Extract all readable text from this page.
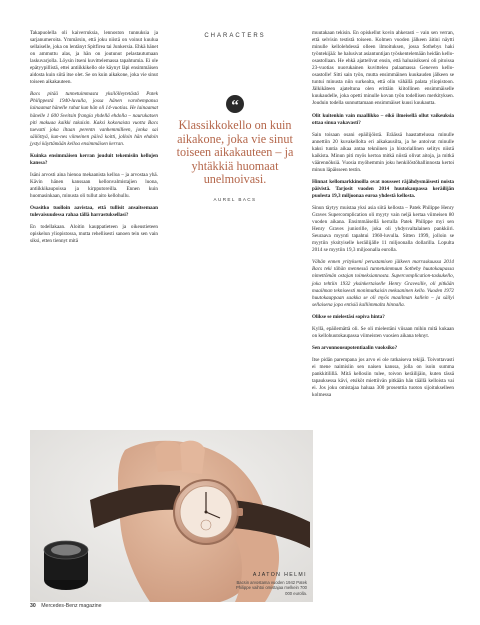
Takapuolella oli kaiverruksia, lennoston tunnuksia ja sarjanumeroita. Ymmärsin, että joku niistä on voinut kuulua sellaiselle, joka on lentänyt Spitfirea tai Junkersia. Ehkä hänet on ammuttu alas, ja hän on joutunut pelastautumaan laskuvarjolla. Löysin itseni kuvittelemassa tapahtumia. Ei ole epätyypillistä, ettei antiikkikello ole käynyt läpi ensimmäisen aidosta kuin siitä itse olet. Se on kuin aikakone, joka vie sinut toiseen aikakauteen.

Bacs pitää tunnetuimmasta yksilölleytetästä Patek Philippestä 1940-luvulla, jossa hänen varohempansa lainaamat hänelle rahat kun hän oli 14-vuotias. He lainaamat hänelle 1 600 Sveitsin frangia yhdellä ehdolla – naurukatsen piti makuaa kaikki takaisin. Kaksi kokonaista vuotta Bacs tuevatti joka iltaan perentn vanhemmilleen, jonka sai säilöttyä, kun-nes viimeinen päivä koitti, jolloin hän ehdoin jystyi käyttämään kelloa ensimmäisen kerran.

Kuinka ensimmäisen kerran jouduit tekemisiin kellojen kanssa?

Isäni arvosti aina hienoa mekaanista kelloa – ja arvostaa yhä. Kävin hänen kanssaan kellonvalmistajien luona, antiikkikaupoissa ja kirpputoreilla. Ennen kuin huomasinkaan, minusta oli tullut aito kellohullu.

Osasitko tuolloin aavistaa, että tullisit ansaitsemaan tulevaisuudessa rahaa tällä harrastuksellasi?

En todellakaan. Aloitin kauppatieteen ja oikeustieteen opiskelun yliopistossa, mutta rehellisesti sanoen tein sen vain siksi, etten tiennyt mitä

CHARACTERS
“
Klassikkokello on kuin aikakone, joka vie sinut toiseen aikakauteen – ja yhtäkkiä huomaat unelmoivasi.
AUREL BACS

muutakaan tekisin. En opiskellut kovin ahkerasti – vain sen verran, että selvisin testistä toiseen. Kolmen vuoden jälkeen äitini näytti minulle kellolehdessä olleen ilmoituksen, jossa Sothebys haki työntekijää: he halusivat asiantuntijan työskentelemään heidän kello-osastollaan. He ehkä ajattelivat ensin, että haluaisikseni oli pitoissa 23-vuotias nuorukainen kuvitteleu palaamassa Geneven kello-osastolle! Sitti sain työn, mutta ensimmäinen kuukauden jälkeen se tuntui minusta niin surkealta, että olin vähällä palata yliopistoon. Jälkikäteen ajateltuna olen erittäin kiitollinen ensimmäiselle kuukaudelle, joka opetti minulle kovan työn todellisen merkityksen. Jouduin todella sunnuttamaan ensimmäiset kuusi kuukautta.

Olit kuitenkin vain maallikko – eikö ilmeisellä ollut vaikeuksia ottaa sinua vakavasti?

Sain toisaan osani epäilijöistä. Eräässä haastattelussa minulle annettiin 20 kuvakellolta eri aikakausilta, ja he antoivat minulle kaksi tuntia aikaa antaa tekniinen ja historiallinen selitys niistä kaikista. Minun piti myös kertoa mitkä niistä olivat aitoja, ja mitkä väärennöksiä. Vuosia myöhemmin joku henkilöstöhallinnosta kertoi minun läpäisseen testin.

Hinnat kellomarkkinoilla ovat nousseet räjähdysmäisesti noista päivistä. Tarjosit vuoden 2014 huutokaupassa keräilijän puolesta 19,3 miljoonaa euroa yhdestä kellosta.

Sinun täytyy muistaa yksi asia siitä kellosta – Patek Philippe Henry Graves Supercomplication oli myyty vain neljä kertaa viimeisen 80 vuoden aikana. Ensimmäisellä kerralla Patek Philippe myi sen Henry Graves juniorille, joka oli yhdysvaltalainen pankkiiri. Seuraava myynti tapahtui 1960-luvulla. Sitten 1999, jolloin se myytiin yksityiselle keräilijälle 11 miljoonalla dollarilla. Lopulta 2014 se myytiin 19,3 miljoonalla eurolla.

Vähän ennen yritykseni perustamisen jälkeen marraskuussa 2014 Bacs teki tähän mennessä tunnetuimmuun Sotheby huutokaupassa nimettömän ostajan toimeksiannosta. Supercomplication-taskukello, joka tehtiin 1932 yksinkertaiselle Henry Gravesille, oli pitkään maailman tekniseesti monimutkaisin mekaaninen kello. Vuoden 1972 huutokauppaan saakka se oli myös maailman kallein – ja säilyi sellaisena jopa entisiä kalliimmalta hinnalla.

Olikse se mielestäsi sopiva hinta?

Kyllä, epäilemättä oli. Se oli mielestäni viisaan mihin mitä kukaan on kellohuutokaupassa viimeisten vuosien aikana tehnyt.

Sen arvonnousupotentiaalin vuoksiko?

Itse pidän parempana jos arvo ei ole ratkaiseva tekijä. Toivottavasti ei mene naimisiin sen naisen kanssa, jolla on isoin summa pankkitilillä. Mitä kellosiin tulee, toivon keräilijäin, kuten tässä tapauksessa kävi, etsiköt miettiivän pitkään hän täällä kelloista vai ei. Jos joku omistajaa haluaa 300 prosenttia tuoton sijoitukselleen kolmessa

AJATON HELMI
Bacsin arvostama vuoden 1942 Patek Philippe vaihtoi omistajaa melkein 700 000 eurolla.
30 Mercedes-Benz magazine
